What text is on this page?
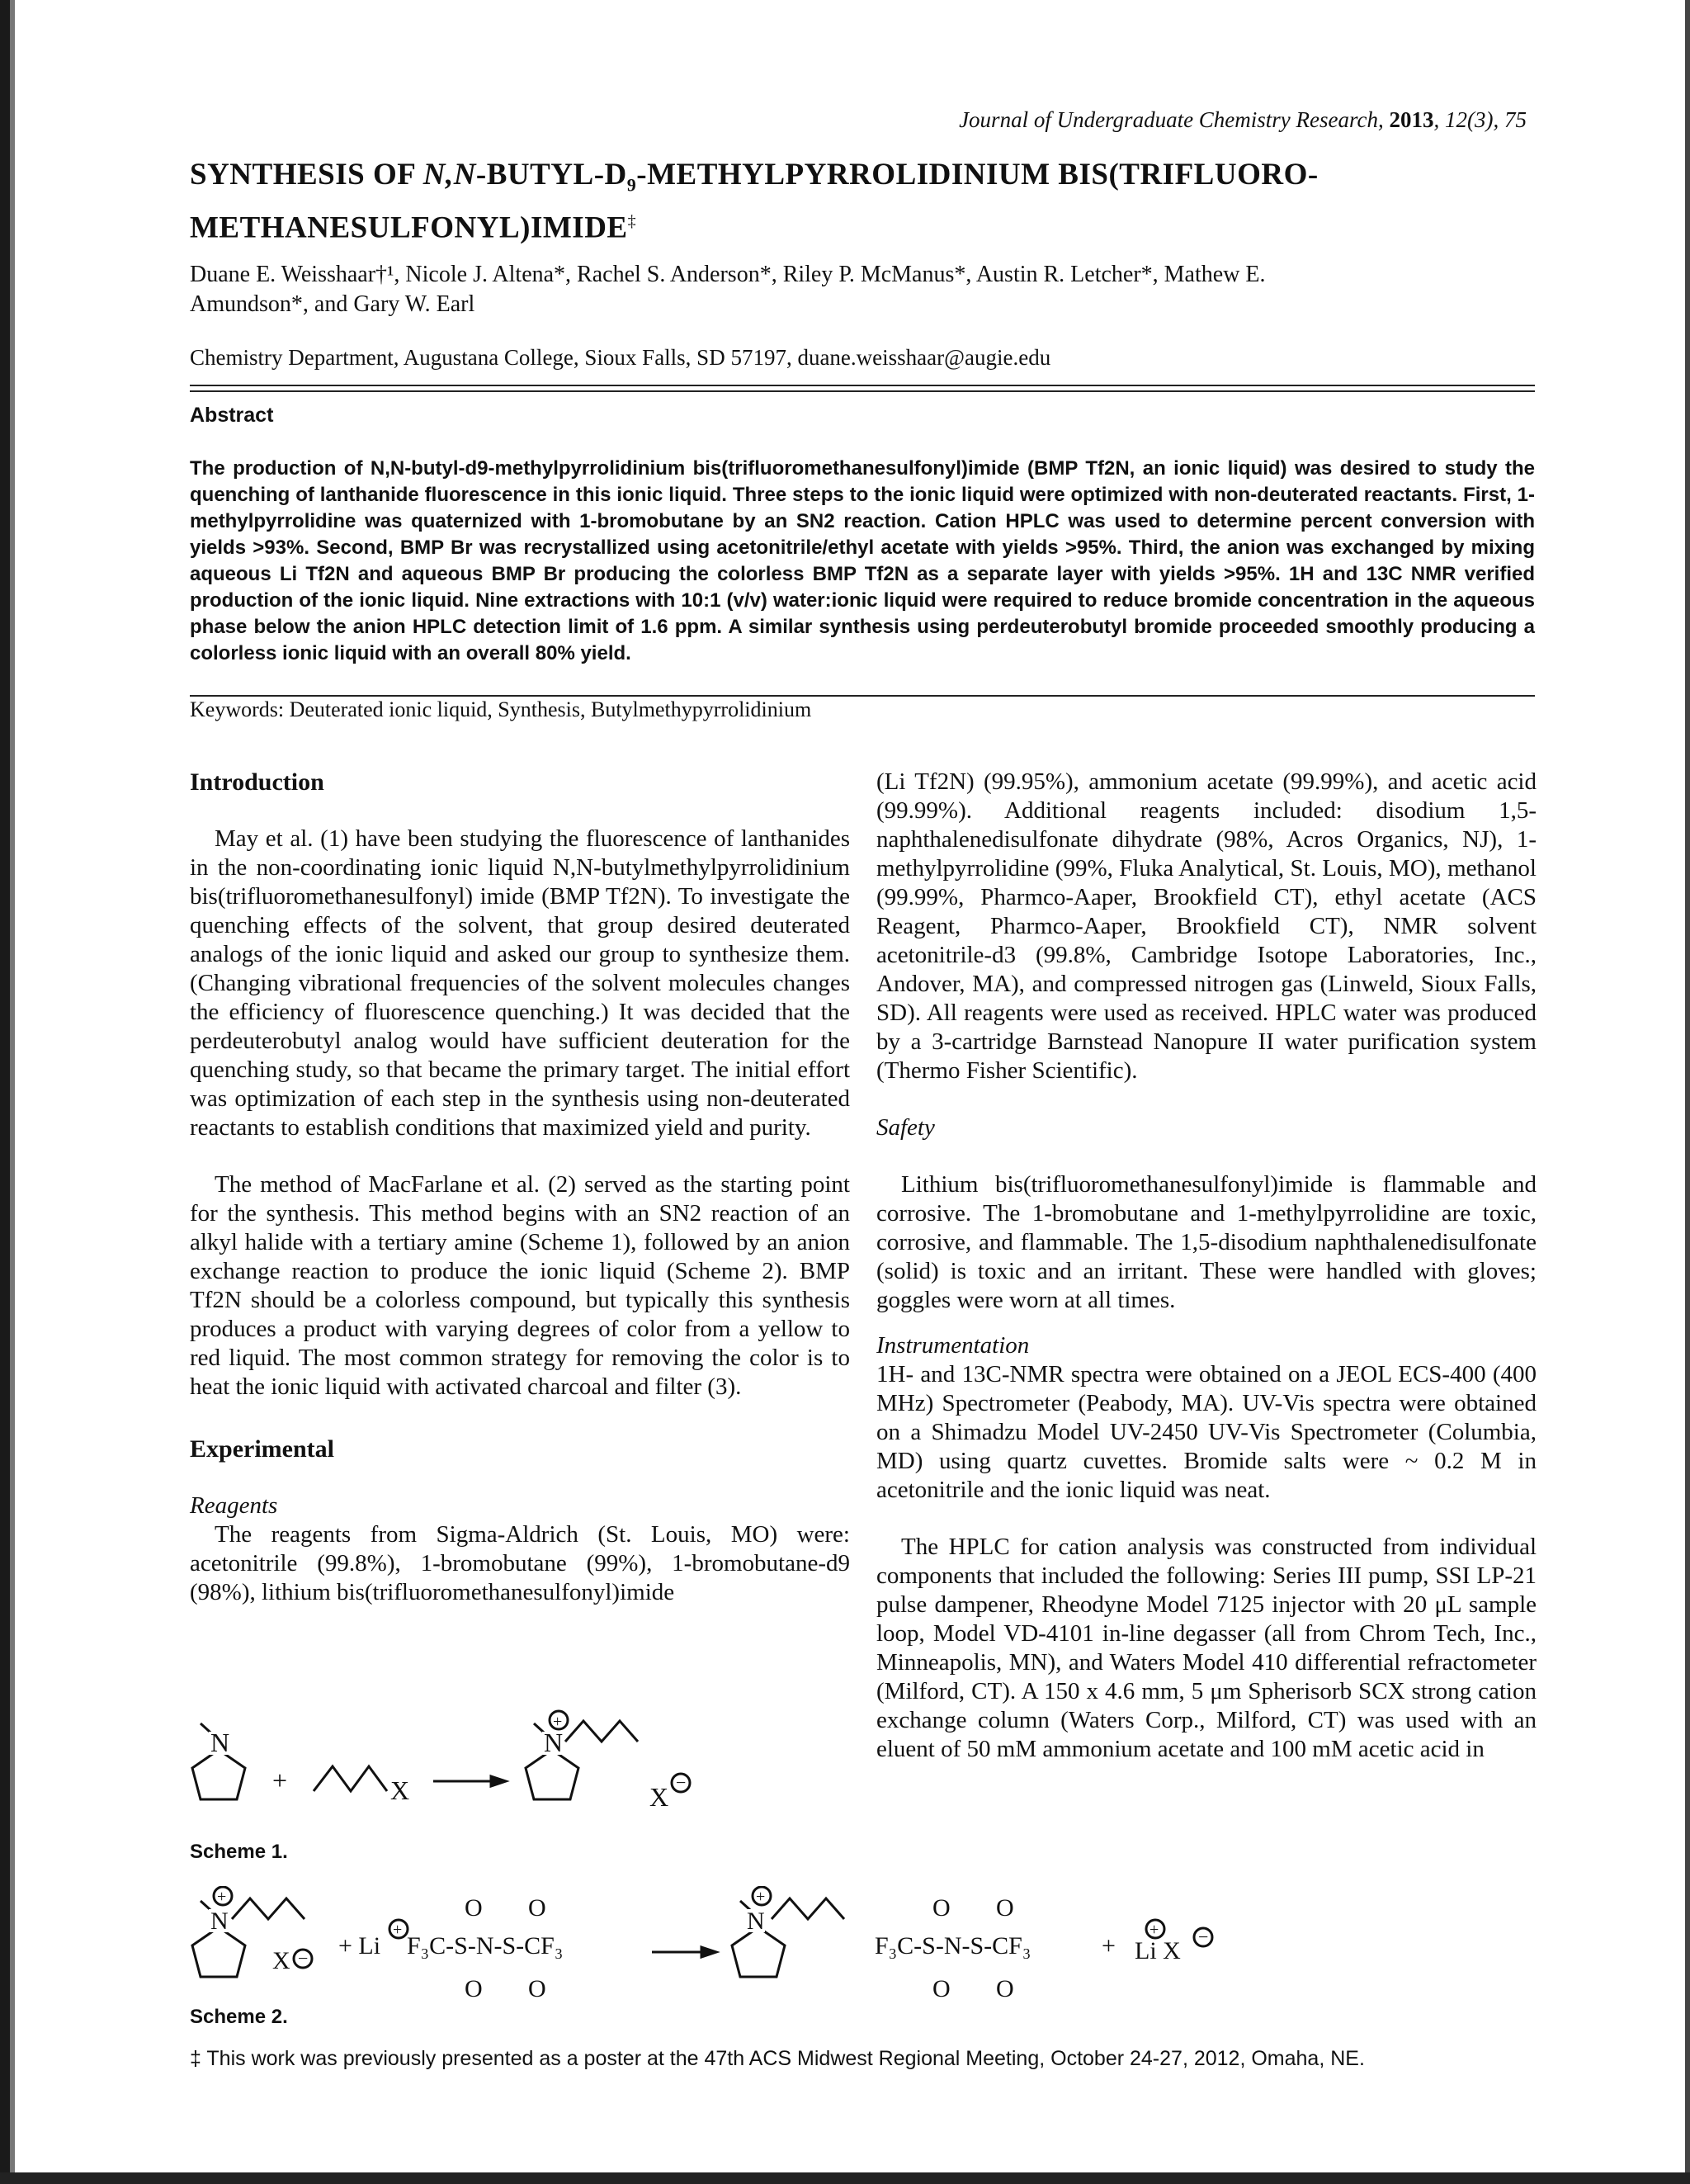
Journal of Undergraduate Chemistry Research, 2013, 12(3), 75
SYNTHESIS OF $N,N-BUTYL-D_9$-METHYLPYRROLIDINIUM BIS(TRIFLUORO-
METHANESULFONYL)IMIDE‡
Duane E. Weisshaar†¹, Nicole J. Altena*, Rachel S. Anderson*, Riley P. McManus*, Austin R. Letcher*, Mathew E.
Amundson*, and Gary W. Earl
Chemistry Department, Augustana College, Sioux Falls, SD 57197, duane.weisshaar@augie.edu
Abstract
The production of N,N-butyl-d9-methylpyrrolidinium bis(trifluoromethanesulfonyl)imide (BMP Tf2N, an ionic liquid) was desired to study the quenching of lanthanide fluorescence in this ionic liquid. Three steps to the ionic liquid were optimized with non-deuterated reactants. First, 1-methylpyrrolidine was quaternized with 1-bromobutane by an SN2 reaction. Cation HPLC was used to determine percent conversion with yields >93%. Second, BMP Br was recrystallized using acetonitrile/ethyl acetate with yields >95%. Third, the anion was exchanged by mixing aqueous Li Tf2N and aqueous BMP Br producing the colorless BMP Tf2N as a separate layer with yields >95%. 1H and 13C NMR verified production of the ionic liquid. Nine extractions with 10:1 (v/v) water:ionic liquid were required to reduce bromide concentration in the aqueous phase below the anion HPLC detection limit of 1.6 ppm. A similar synthesis using perdeuterobutyl bromide proceeded smoothly producing a colorless ionic liquid with an overall 80% yield.
Keywords: Deuterated ionic liquid, Synthesis, Butylmethypyrrolidinium

Introduction

May et al. (1) have been studying the fluorescence of lanthanides in the non-coordinating ionic liquid N,N-butylmethylpyrrolidinium bis(trifluoromethanesulfonyl) imide (BMP Tf2N). To investigate the quenching effects of the solvent, that group desired deuterated analogs of the ionic liquid and asked our group to synthesize them. (Changing vibrational frequencies of the solvent molecules changes the efficiency of fluorescence quenching.) It was decided that the perdeuterobutyl analog would have sufficient deuteration for the quenching study, so that became the primary target. The initial effort was optimization of each step in the synthesis using non-deuterated reactants to establish conditions that maximized yield and purity.

The method of MacFarlane et al. (2) served as the starting point for the synthesis. This method begins with an SN2 reaction of an alkyl halide with a tertiary amine (Scheme 1), followed by an anion exchange reaction to produce the ionic liquid (Scheme 2). BMP Tf2N should be a colorless compound, but typically this synthesis produces a product with varying degrees of color from a yellow to red liquid. The most common strategy for removing the color is to heat the ionic liquid with activated charcoal and filter (3).

Experimental

Reagents

The reagents from Sigma-Aldrich (St. Louis, MO) were: acetonitrile (99.8%), 1-bromobutane (99%), 1-bromobutane-d9 (98%), lithium bis(trifluoromethanesulfonyl)imide

(Li Tf2N) (99.95%), ammonium acetate (99.99%), and acetic acid (99.99%). Additional reagents included: disodium 1,5-naphthalenedisulfonate dihydrate (98%, Acros Organics, NJ), 1-methylpyrrolidine (99%, Fluka Analytical, St. Louis, MO), methanol (99.99%, Pharmco-Aaper, Brookfield CT), ethyl acetate (ACS Reagent, Pharmco-Aaper, Brookfield CT), NMR solvent acetonitrile-d3 (99.8%, Cambridge Isotope Laboratories, Inc., Andover, MA), and compressed nitrogen gas (Linweld, Sioux Falls, SD). All reagents were used as received. HPLC water was produced by a 3-cartridge Barnstead Nanopure II water purification system (Thermo Fisher Scientific).

Safety

Lithium bis(trifluoromethanesulfonyl)imide is flammable and corrosive. The 1-bromobutane and 1-methylpyrrolidine are toxic, corrosive, and flammable. The 1,5-disodium naphthalenedisulfonate (solid) is toxic and an irritant. These were handled with gloves; goggles were worn at all times.

Instrumentation

1H- and 13C-NMR spectra were obtained on a JEOL ECS-400 (400 MHz) Spectrometer (Peabody, MA). UV-Vis spectra were obtained on a Shimadzu Model UV-2450 UV-Vis Spectrometer (Columbia, MD) using quartz cuvettes. Bromide salts were ~ 0.2 M in acetonitrile and the ionic liquid was neat.

The HPLC for cation analysis was constructed from individual components that included the following: Series III pump, SSI LP-21 pulse dampener, Rheodyne Model 7125 injector with 20 μL sample loop, Model VD-4101 in-line degasser (all from Chrom Tech, Inc., Minneapolis, MN), and Waters Model 410 differential refractometer (Milford, CT). A 150 x 4.6 mm, 5 μm Spherisorb SCX strong cation exchange column (Waters Corp., Milford, CT) was used with an eluent of 50 mM ammonium acetate and 100 mM acetic acid in

N
+	X
N
X
+
−
Scheme 1.
N
+
X − + Li
+
F₃C-S-N-S-CF₃
O O
O O
N
+
F₃C-S-N-S-CF₃
O O
O O
+ Li X
+ −
Scheme 2.
‡ This work was previously presented as a poster at the 47th ACS Midwest Regional Meeting, October 24-27, 2012, Omaha, NE.
